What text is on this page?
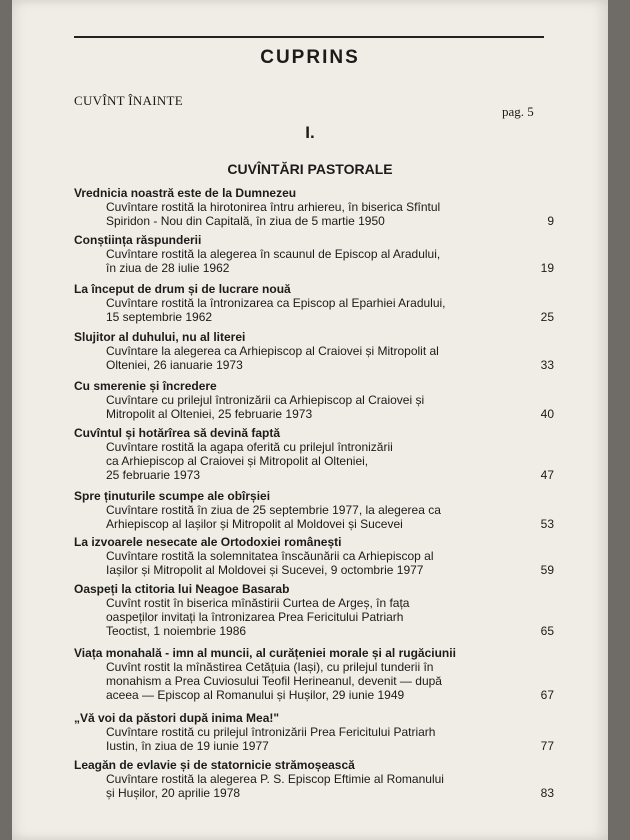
CUPRINS
CUVÎNT ÎNAINTE
pag. 5
I.
CUVÎNTĂRI PASTORALE
Vrednicia noastră este de la Dumnezeu
Cuvîntare rostită la hirotonirea întru arhiereu, în biserica Sfîntul
Spiridon - Nou din Capitală, în ziua de 5 martie 1950	9
Conștiința răspunderii
Cuvîntare rostită la alegerea în scaunul de Episcop al Aradului,
în ziua de 28 iulie 1962	19
La început de drum și de lucrare nouă
Cuvîntare rostită la întronizarea ca Episcop al Eparhiei Aradului,
15 septembrie 1962	25
Slujitor al duhului, nu al literei
Cuvîntare la alegerea ca Arhiepiscop al Craiovei și Mitropolit al
Olteniei, 26 ianuarie 1973	33
Cu smerenie și încredere
Cuvîntare cu prilejul întronizării ca Arhiepiscop al Craiovei și
Mitropolit al Olteniei, 25 februarie 1973	40
Cuvîntul și hotărîrea să devină faptă
Cuvîntare rostită la agapa oferită cu prilejul întronizării
ca Arhiepiscop al Craiovei și Mitropolit al Olteniei,
25 februarie 1973	47
Spre ținuturile scumpe ale obîrșiei
Cuvîntare rostită în ziua de 25 septembrie 1977, la alegerea ca
Arhiepiscop al Iașilor și Mitropolit al Moldovei și Sucevei	53
La izvoarele nesecate ale Ortodoxiei românești
Cuvîntare rostită la solemnitatea înscăunării ca Arhiepiscop al
Iașilor și Mitropolit al Moldovei și Sucevei, 9 octombrie 1977	59
Oaspeți la ctitoria lui Neagoe Basarab
Cuvînt rostit în biserica mînăstirii Curtea de Argeș, în fața
oaspeților invitați la întronizarea Prea Fericitului Patriarh
Teoctist, 1 noiembrie 1986	65
Viața monahală - imn al muncii, al curățeniei morale și al rugăciunii
Cuvînt rostit la mînăstirea Cetățuia (Iași), cu prilejul tunderii în
monahism a Prea Cuviosului Teofil Herineanul, devenit — după
aceea — Episcop al Romanului și Hușilor, 29 iunie 1949	67
„Vă voi da păstori după inima Mea!"
Cuvîntare rostită cu prilejul întronizării Prea Fericitului Patriarh
Iustin, în ziua de 19 iunie 1977	77
Leagăn de evlavie și de statornicie strămoșească
Cuvîntare rostită la alegerea P. S. Episcop Eftimie al Romanului
și Hușilor, 20 aprilie 1978	83
